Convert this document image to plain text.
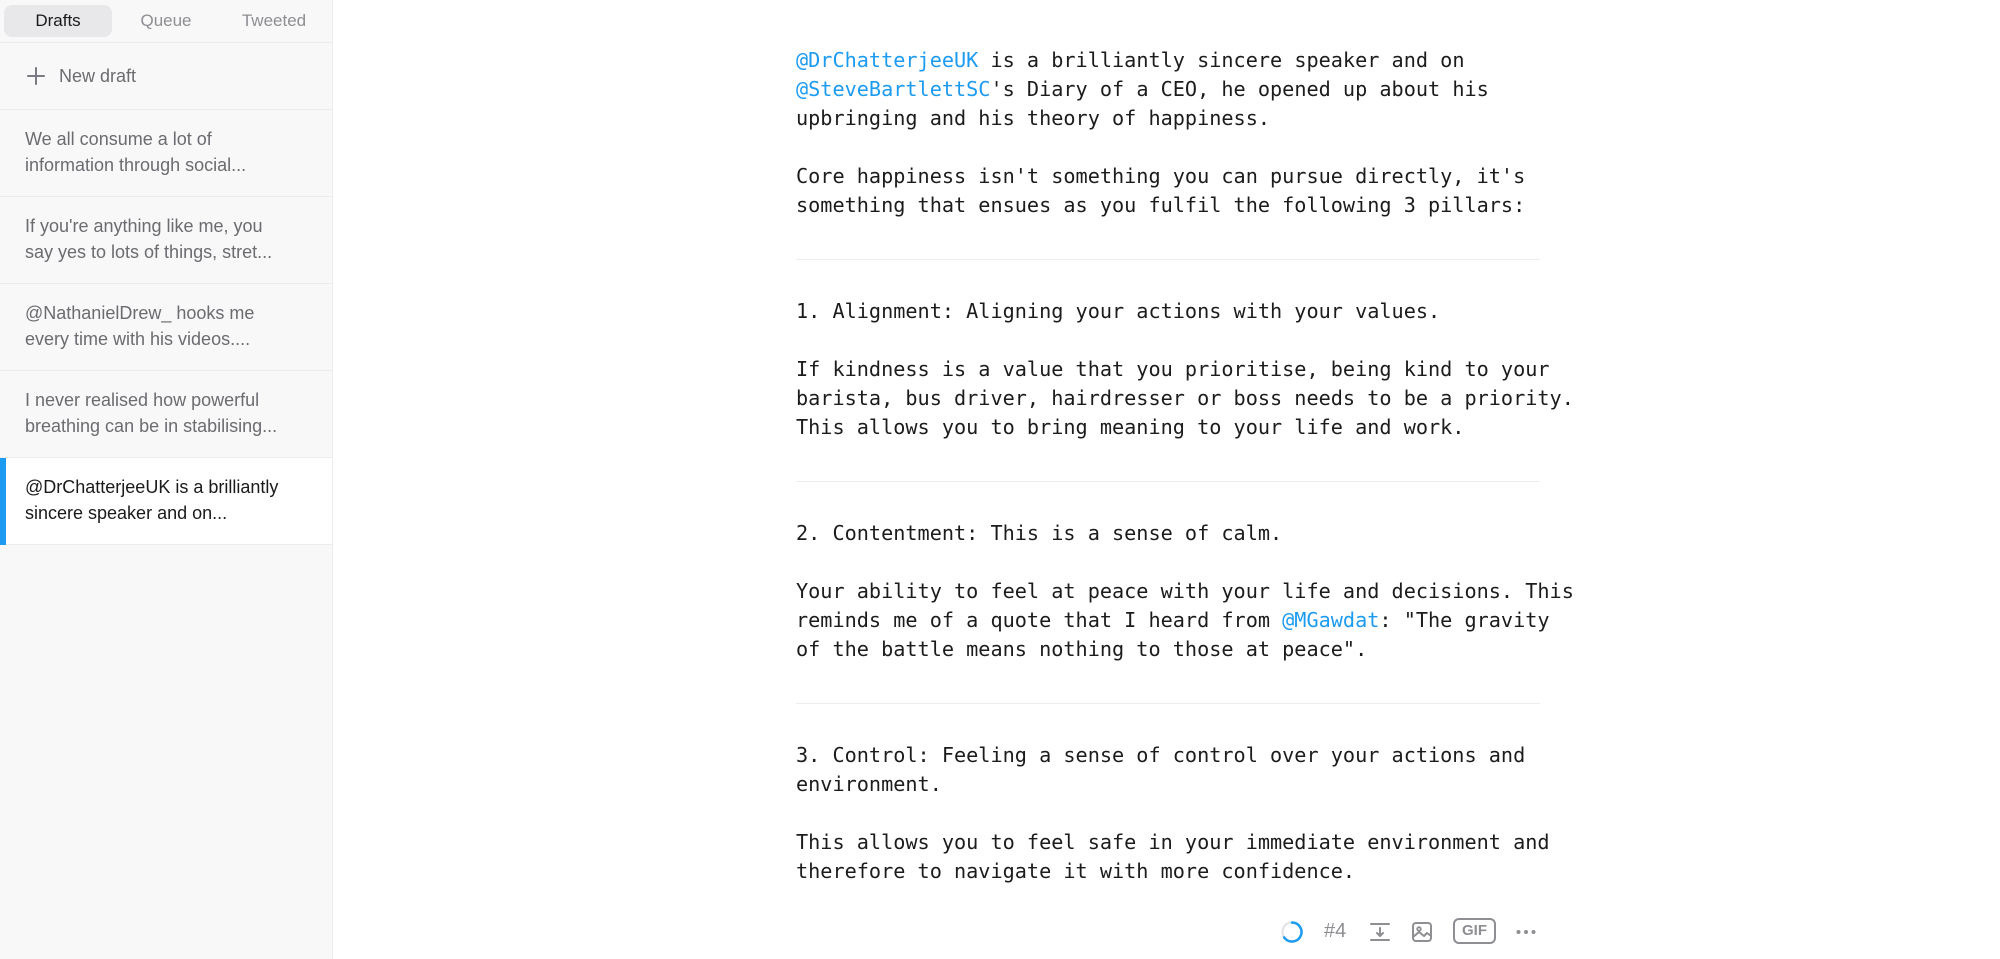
Drafts	Queue	Tweeted
New draft
We all consume a lot of
information through social...
If you're anything like me, you
say yes to lots of things, stret...
@NathanielDrew_ hooks me
every time with his videos....
I never realised how powerful
breathing can be in stabilising...
@DrChatterjeeUK is a brilliantly
sincere speaker and on...
@DrChatterjeeUK is a brilliantly sincere speaker and on
@SteveBartlettSC's Diary of a CEO, he opened up about his
upbringing and his theory of happiness.
Core happiness isn't something you can pursue directly, it's
something that ensues as you fulfil the following 3 pillars:
1. Alignment: Aligning your actions with your values.
If kindness is a value that you prioritise, being kind to your
barista, bus driver, hairdresser or boss needs to be a priority.
This allows you to bring meaning to your life and work.
2. Contentment: This is a sense of calm.
Your ability to feel at peace with your life and decisions. This
reminds me of a quote that I heard from @MGawdat: "The gravity
of the battle means nothing to those at peace".
3. Control: Feeling a sense of control over your actions and
environment.
This allows you to feel safe in your immediate environment and
therefore to navigate it with more confidence.
#4	GIF
